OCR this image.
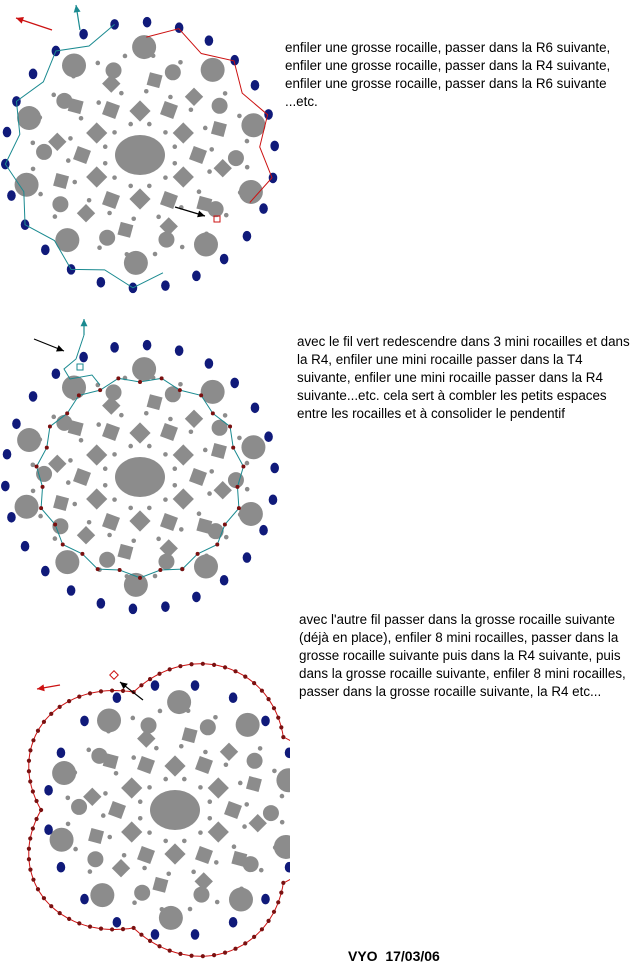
enfiler une grosse rocaille, passer dans la R6 suivante,
enfiler une grosse rocaille, passer dans la R4 suivante,
enfiler une grosse rocaille, passer dans la R6 suivante
...etc.

avec le fil vert redescendre dans 3 mini rocailles et dans la R4, enfiler une mini rocaille passer dans la T4 suivante, enfiler une mini rocaille passer dans la R4 suivante...etc. cela sert à combler les petits espaces entre les rocailles et à consolider le pendentif

avec l'autre fil passer dans la grosse rocaille suivante (déjà en place), enfiler 8 mini rocailles, passer dans la grosse rocaille suivante puis dans la R4 suivante, puis dans la grosse rocaille suivante, enfiler 8 mini rocailles, passer dans la grosse rocaille suivante, la R4 etc...

VYO  17/03/06
